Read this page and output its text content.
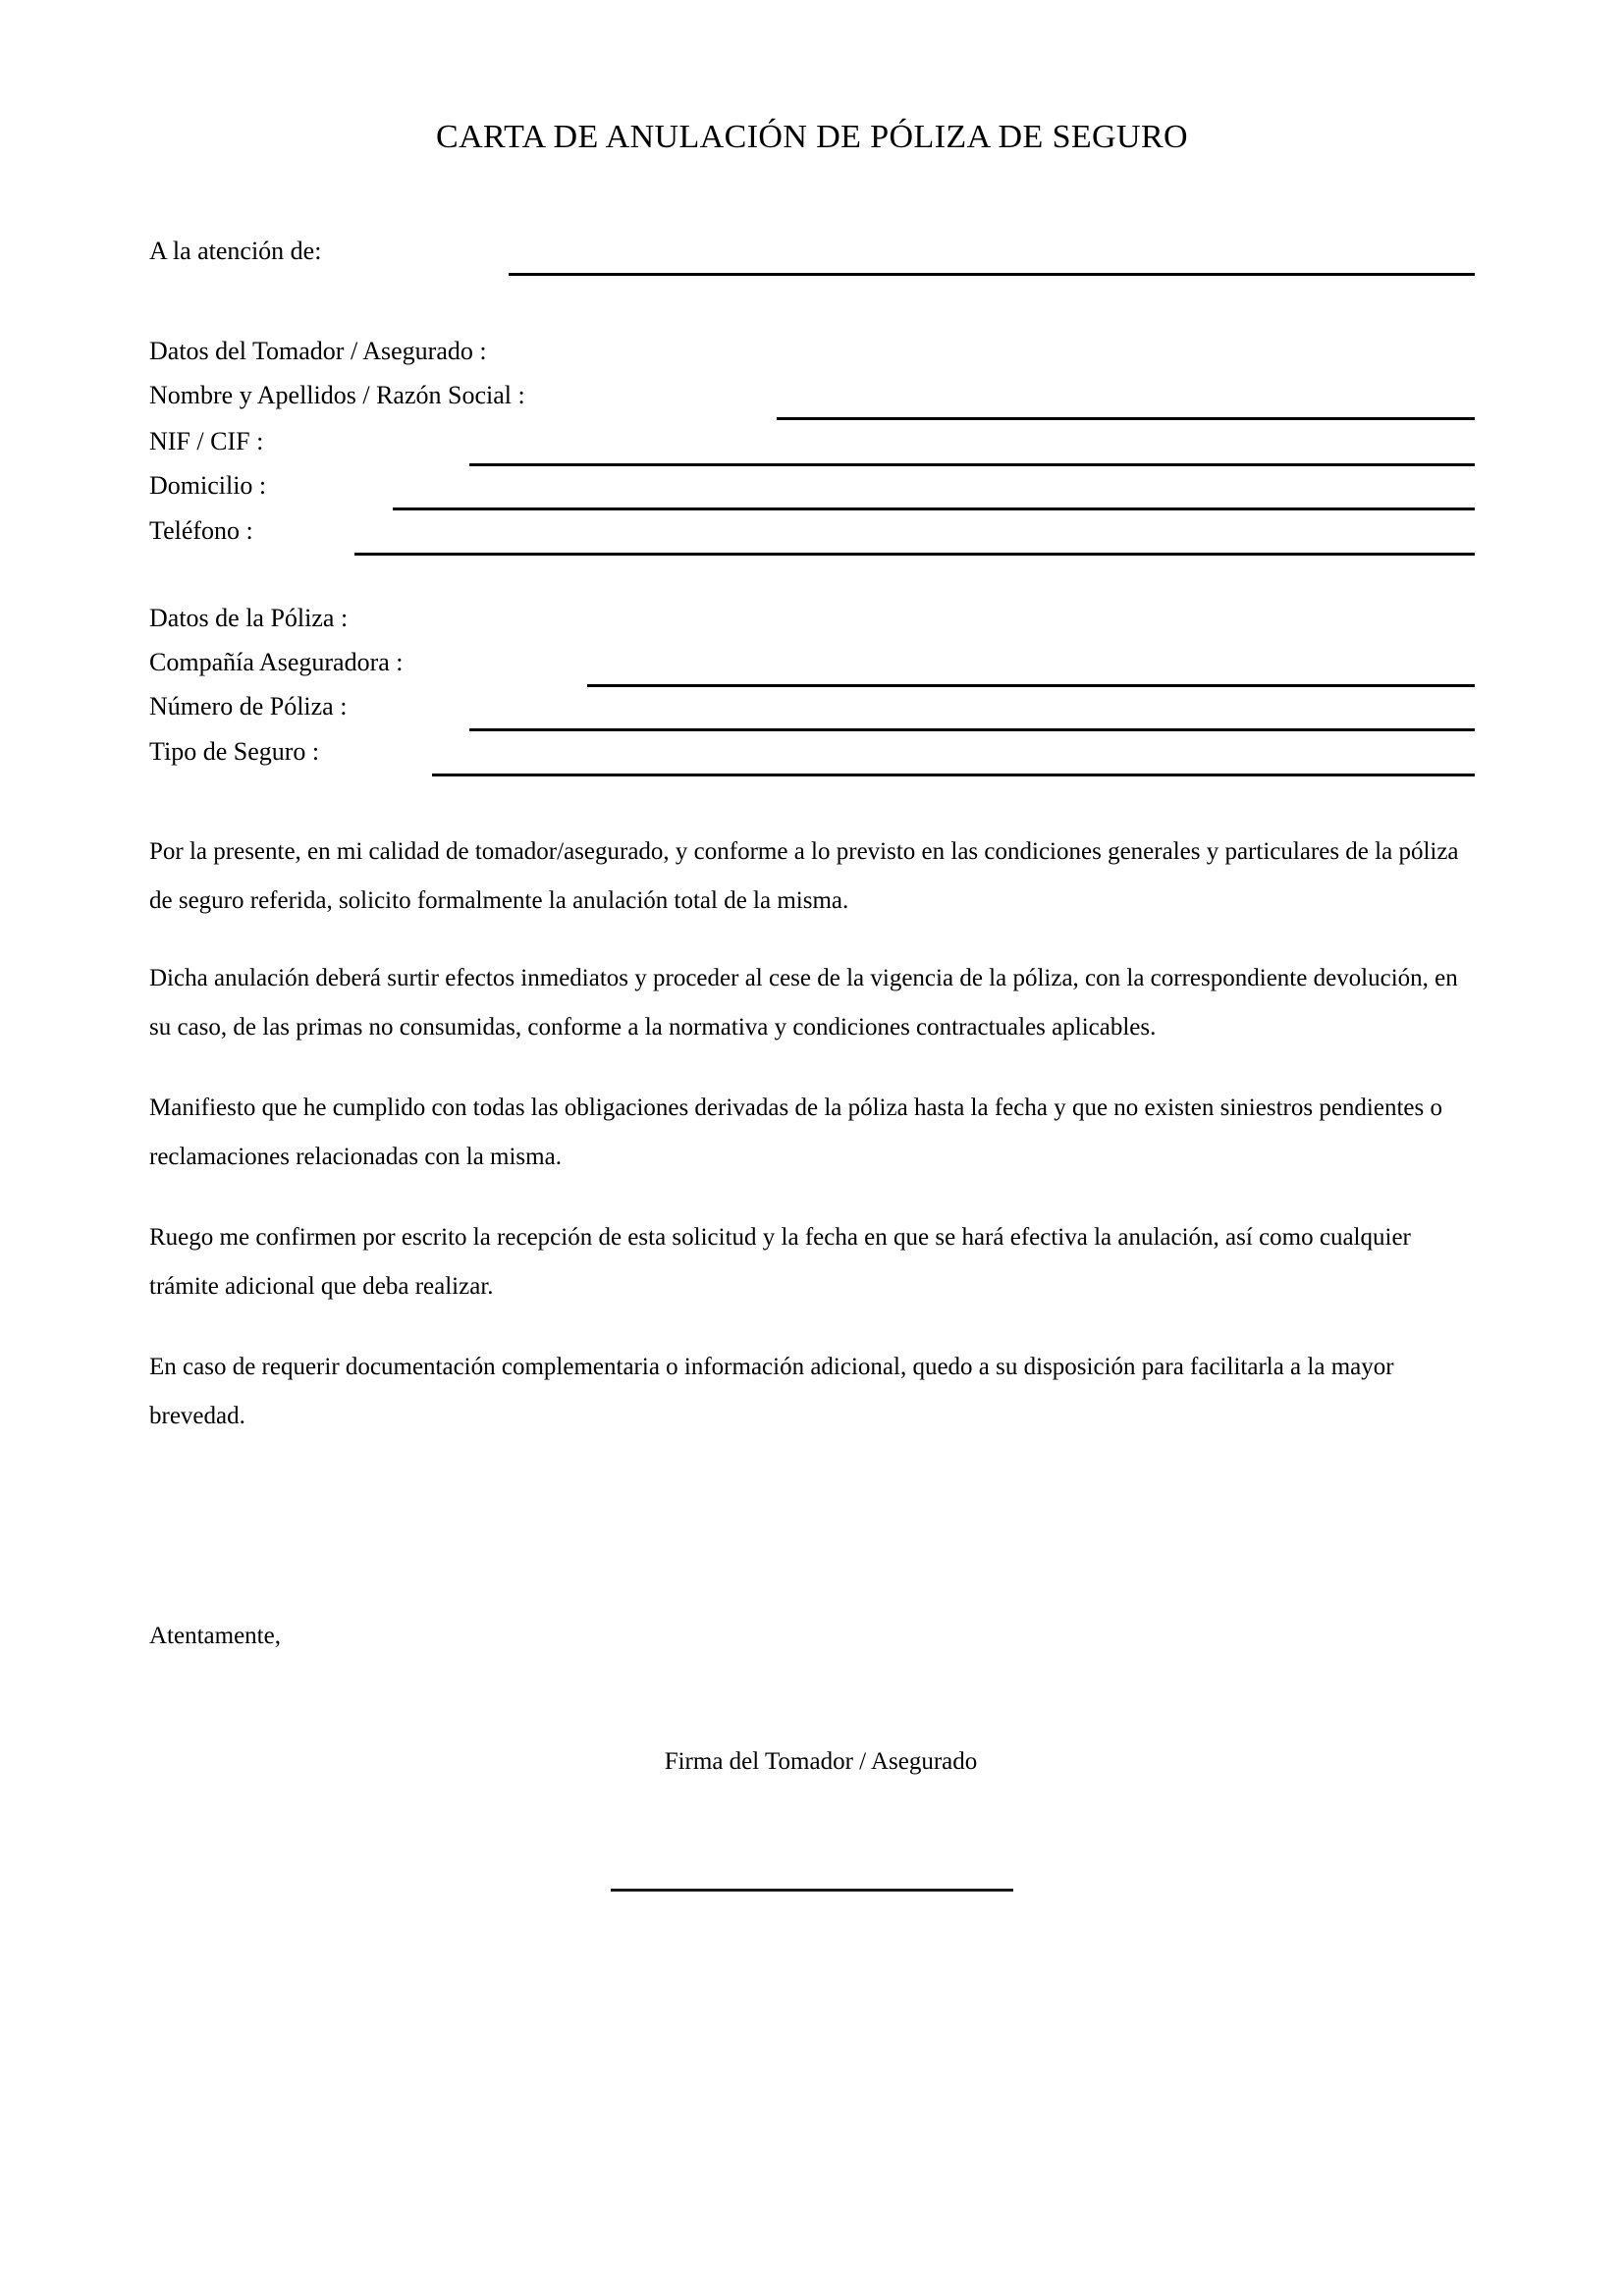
CARTA DE ANULACIÓN DE PÓLIZA DE SEGURO
A la atención de:
Datos del Tomador / Asegurado :
Nombre y Apellidos / Razón Social :
NIF / CIF :
Domicilio :
Teléfono :
Datos de la Póliza :
Compañía Aseguradora :
Número de Póliza :
Tipo de Seguro :
Por la presente, en mi calidad de tomador/asegurado, y conforme a lo previsto en las condiciones generales y particulares de la póliza de seguro referida, solicito formalmente la anulación total de la misma.
Dicha anulación deberá surtir efectos inmediatos y proceder al cese de la vigencia de la póliza, con la correspondiente devolución, en su caso, de las primas no consumidas, conforme a la normativa y condiciones contractuales aplicables.
Manifiesto que he cumplido con todas las obligaciones derivadas de la póliza hasta la fecha y que no existen siniestros pendientes o reclamaciones relacionadas con la misma.
Ruego me confirmen por escrito la recepción de esta solicitud y la fecha en que se hará efectiva la anulación, así como cualquier trámite adicional que deba realizar.
En caso de requerir documentación complementaria o información adicional, quedo a su disposición para facilitarla a la mayor brevedad.
Atentamente,
Firma del Tomador / Asegurado
